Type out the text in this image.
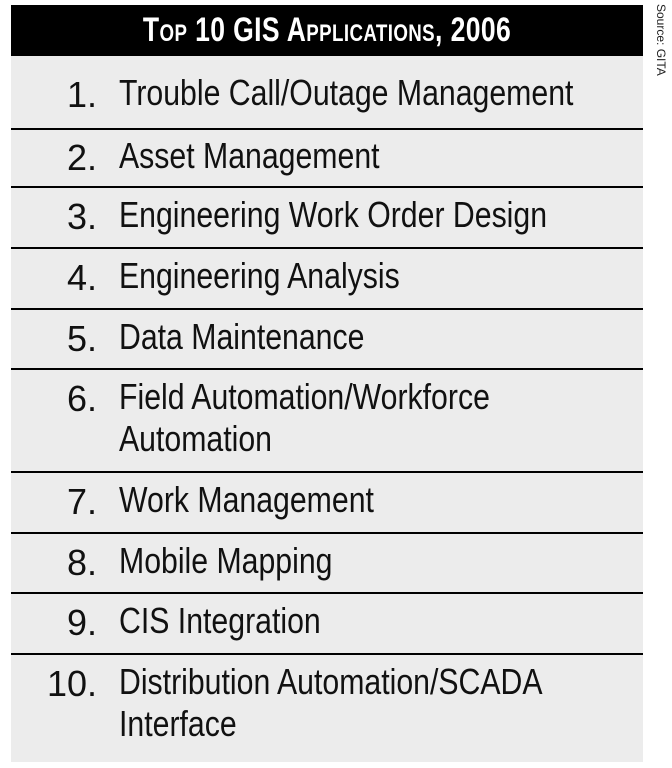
Top 10 GIS Applications, 2006
1. Trouble Call/Outage Management
2. Asset Management
3. Engineering Work Order Design
4. Engineering Analysis
5. Data Maintenance
6. Field Automation/Workforce
Automation
7. Work Management
8. Mobile Mapping
9. CIS Integration
10. Distribution Automation/SCADA
Interface
Source: GITA
